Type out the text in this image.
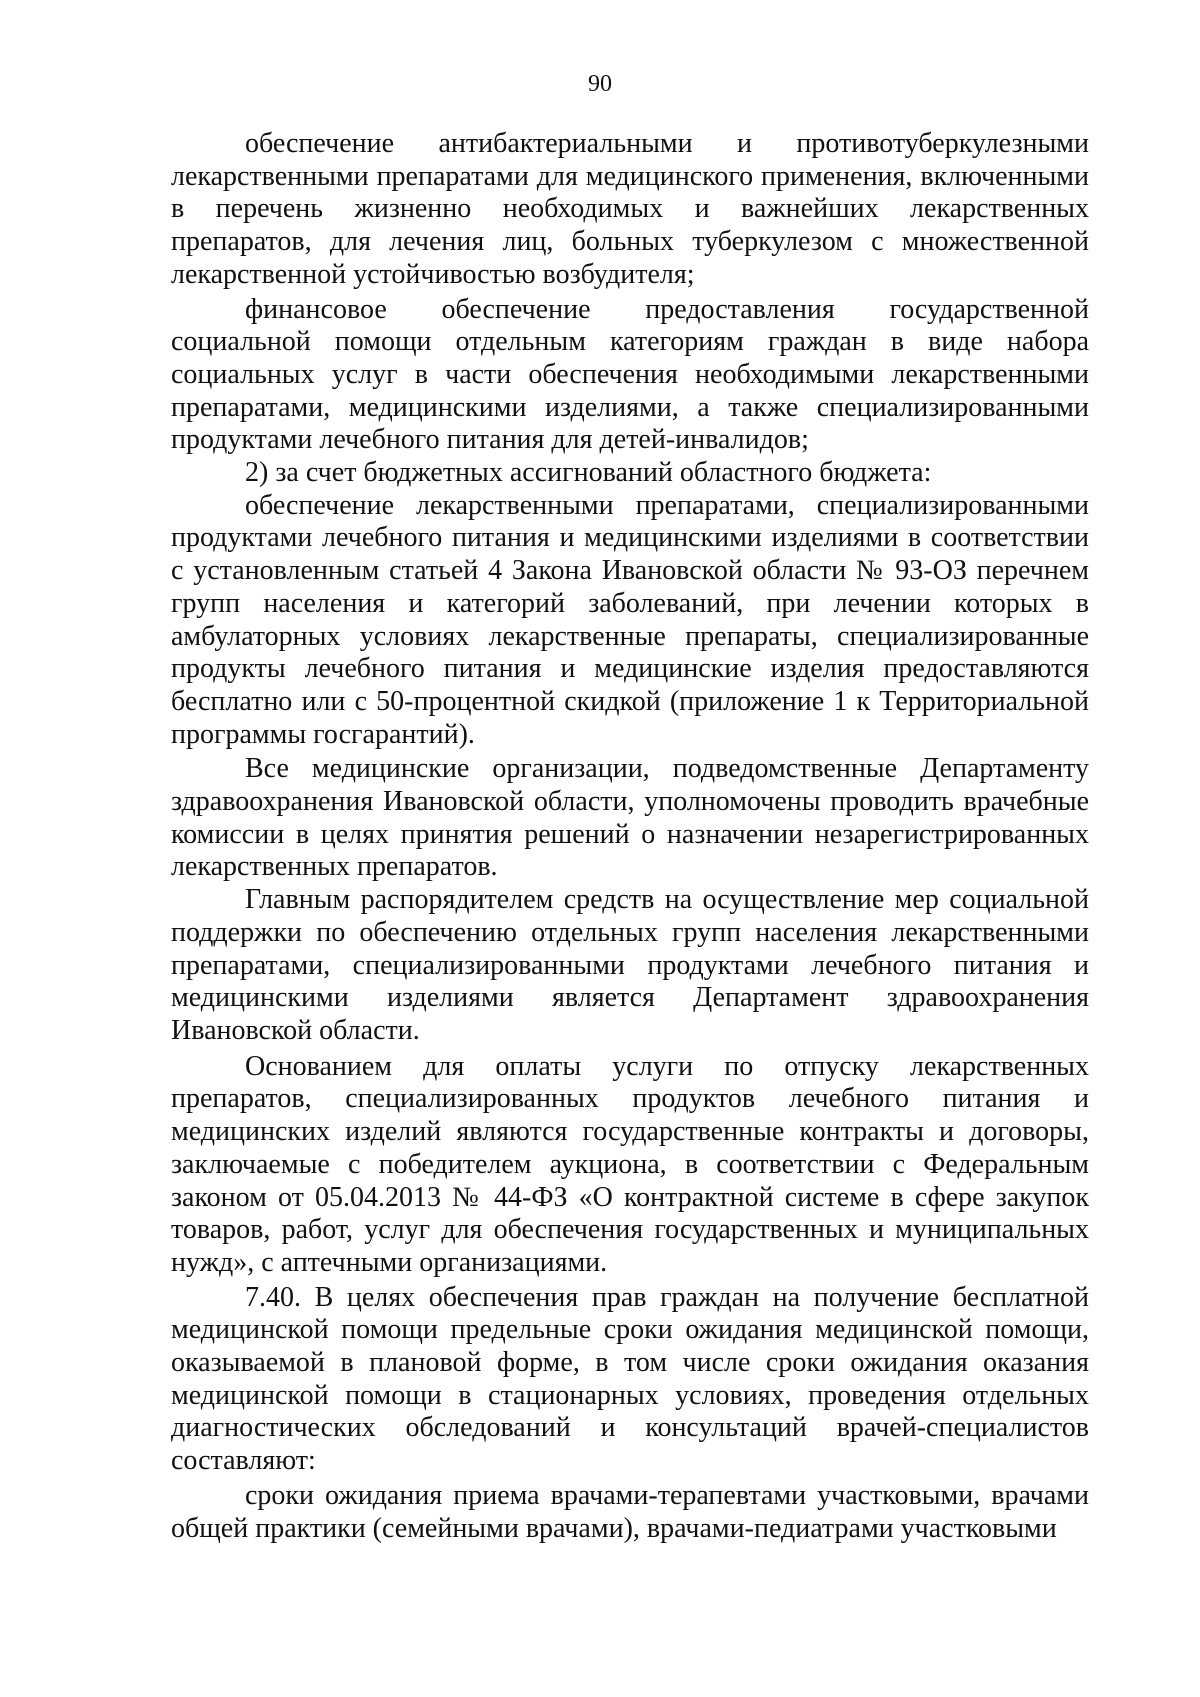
90

обеспечение антибактериальными и противотуберкулезными лекарственными препаратами для медицинского применения, включенными в перечень жизненно необходимых и важнейших лекарственных препаратов, для лечения лиц, больных туберкулезом с множественной лекарственной устойчивостью возбудителя;

финансовое обеспечение предоставления государственной социальной помощи отдельным категориям граждан в виде набора социальных услуг в части обеспечения необходимыми лекарственными препаратами, медицинскими изделиями, а также специализированными продуктами лечебного питания для детей-инвалидов;

2) за счет бюджетных ассигнований областного бюджета:

обеспечение лекарственными препаратами, специализированными продуктами лечебного питания и медицинскими изделиями в соответствии с установленным статьей 4 Закона Ивановской области № 93-ОЗ перечнем групп населения и категорий заболеваний, при лечении которых в амбулаторных условиях лекарственные препараты, специализированные продукты лечебного питания и медицинские изделия предоставляются бесплатно или с 50-процентной скидкой (приложение 1 к Территориальной программы госгарантий).

Все медицинские организации, подведомственные Департаменту здравоохранения Ивановской области, уполномочены проводить врачебные комиссии в целях принятия решений о назначении незарегистрированных лекарственных препаратов.

Главным распорядителем средств на осуществление мер социальной поддержки по обеспечению отдельных групп населения лекарственными препаратами, специализированными продуктами лечебного питания и медицинскими изделиями является Департамент здравоохранения Ивановской области.

Основанием для оплаты услуги по отпуску лекарственных препаратов, специализированных продуктов лечебного питания и медицинских изделий являются государственные контракты и договоры, заключаемые с победителем аукциона, в соответствии с Федеральным законом от 05.04.2013 № 44-ФЗ «О контрактной системе в сфере закупок товаров, работ, услуг для обеспечения государственных и муниципальных нужд», с аптечными организациями.

7.40. В целях обеспечения прав граждан на получение бесплатной медицинской помощи предельные сроки ожидания медицинской помощи, оказываемой в плановой форме, в том числе сроки ожидания оказания медицинской помощи в стационарных условиях, проведения отдельных диагностических обследований и консультаций врачей-специалистов составляют:

сроки ожидания приема врачами-терапевтами участковыми, врачами общей практики (семейными врачами), врачами-педиатрами участковыми
